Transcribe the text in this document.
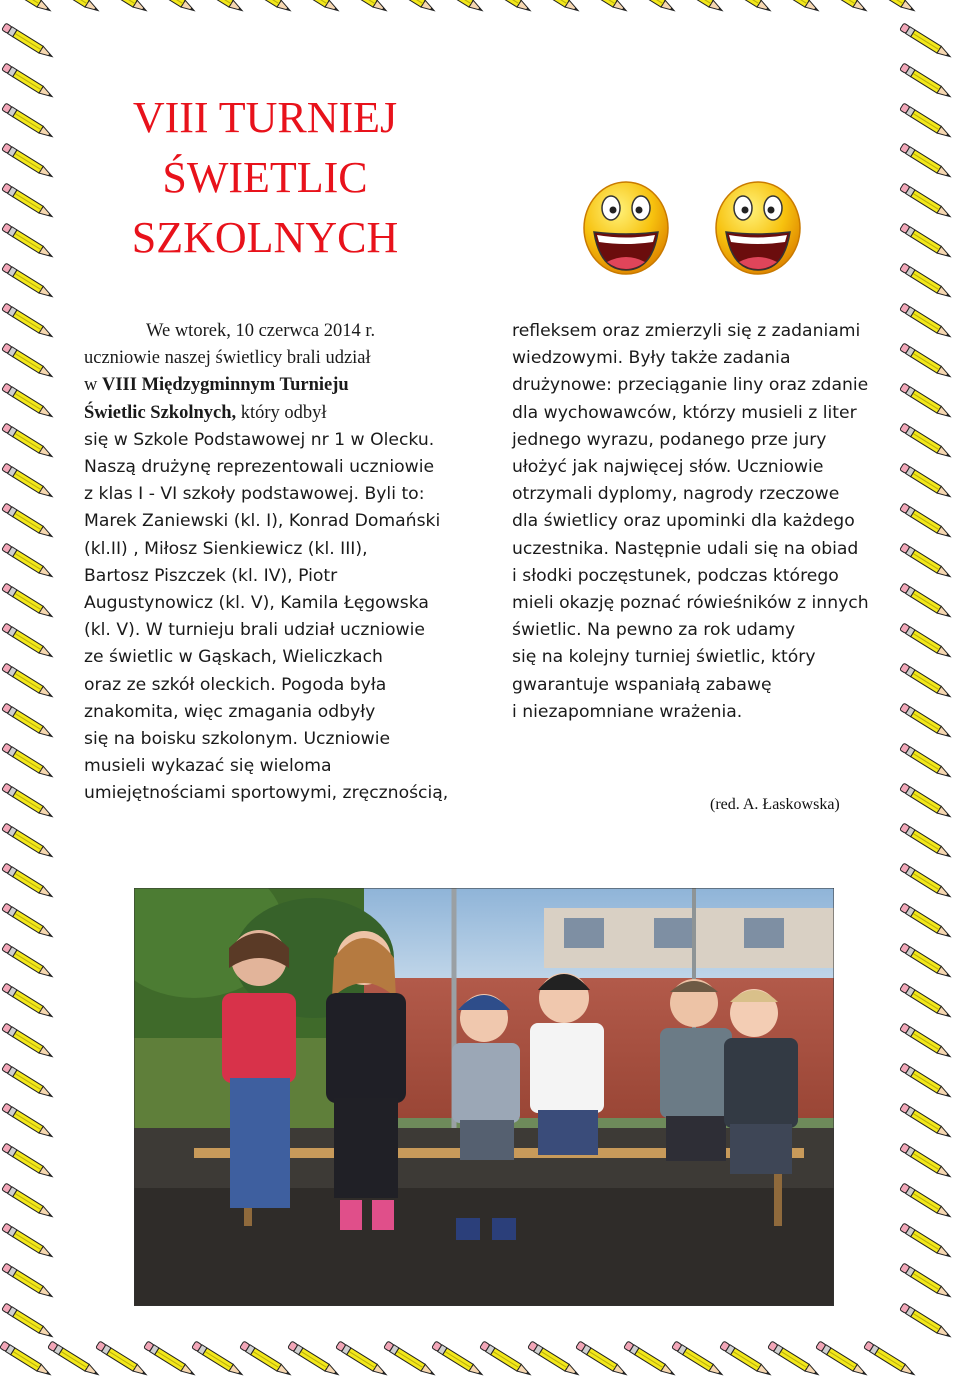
VIII TURNIEJ
ŚWIETLIC
SZKOLNYCH

We wtorek, 10 czerwca 2014 r.

uczniowie naszej świetlicy brali udział

w VIII Międzygminnym Turnieju

Świetlic Szkolnych, który odbył

się w Szkole Podstawowej nr 1 w Olecku.

Naszą drużynę reprezentowali uczniowie

z klas I - VI szkoły podstawowej. Byli to:

Marek Zaniewski (kl. I), Konrad Domański

(kl.II) , Miłosz Sienkiewicz (kl. III),

Bartosz Piszczek (kl. IV), Piotr

Augustynowicz (kl. V), Kamila Łęgowska

(kl. V). W turnieju brali udział uczniowie

ze świetlic w Gąskach, Wieliczkach

oraz ze szkół oleckich. Pogoda była

znakomita, więc zmagania odbyły

się na boisku szkolonym. Uczniowie

musieli wykazać się wieloma

umiejętnościami sportowymi, zręcznością,

refleksem oraz zmierzyli się z zadaniami

wiedzowymi. Były także zadania

drużynowe: przeciąganie liny oraz zdanie

dla wychowawców, którzy musieli z liter

jednego wyrazu, podanego prze jury

ułożyć jak najwięcej słów. Uczniowie

otrzymali dyplomy, nagrody rzeczowe

dla świetlicy oraz upominki dla każdego

uczestnika. Następnie udali się na obiad

i słodki poczęstunek, podczas którego

mieli okazję poznać rówieśników z innych

świetlic. Na pewno za rok udamy

się na kolejny turniej świetlic, który

gwarantuje wspaniałą zabawę

i niezapomniane wrażenia.

(red. A. Łaskowska)
